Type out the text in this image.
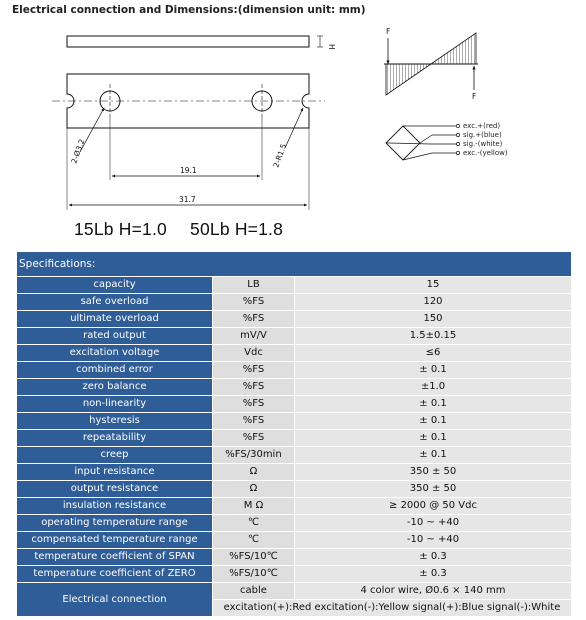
Electrical connection and Dimensions:(dimension unit: mm)
H
2-Ø3.2	2-R1.5
19.1
31.7
F
F
exc.+(red)
sig.+(blue)
sig.-(white)
exc.-(yellow)
15Lb H=1.0 50Lb H=1.8
Specifications:		
capacity	LB	15
safe overload	%FS	120
ultimate overload	%FS	150
rated output	mV/V	1.5±0.15
excitation voltage	Vdc	≤6
combined error	%FS	± 0.1
zero balance	%FS	±1.0
non-linearity	%FS	± 0.1
hysteresis	%FS	± 0.1
repeatability	%FS	± 0.1
creep	%FS/30min	± 0.1
input resistance	Ω	350 ± 50
output resistance	Ω	350 ± 50
insulation resistance	M Ω	≥ 2000 @ 50 Vdc
operating temperature range	℃	-10 ~ +40
compensated temperature range	℃	-10 ~ +40
temperature coefficient of SPAN	%FS/10℃	± 0.3
temperature coefficient of ZERO	%FS/10℃	± 0.3
Electrical connection	cable	4 color wire, Ø0.6 × 140 mm
	excitation(+):Red excitation(-):Yellow signal(+):Blue signal(-):White	
